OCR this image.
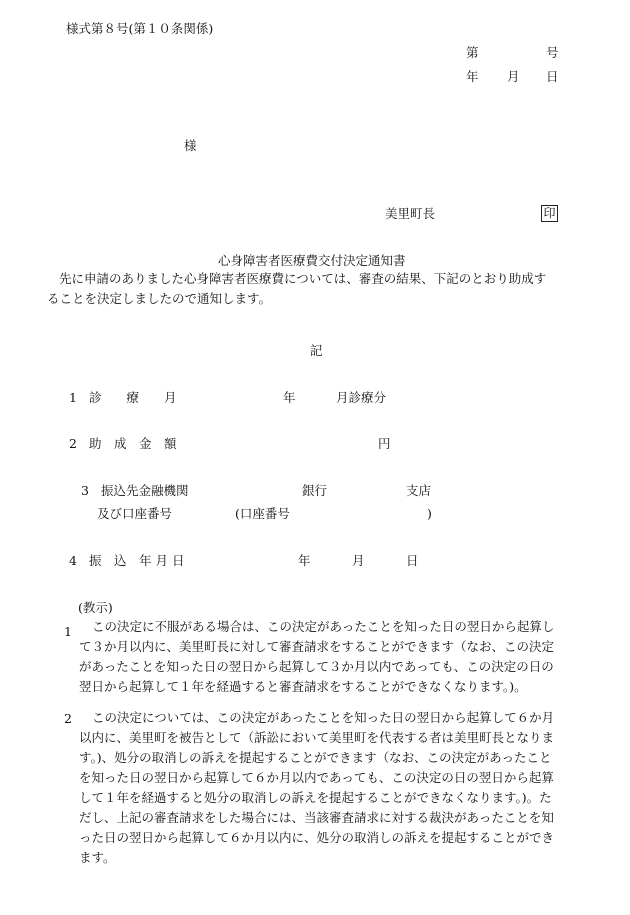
様式第８号(第１０条関係)
第	号
年 月 日
様
美里町長	印
心身障害者医療費交付決定通知書
先に申請のありました心身障害者医療費については、審査の結果、下記のとおり助成す
ることを決定しましたので通知します。
記
1 診　　療　　月	年	月診療分
2 助　成　金　額	円
3 振込先金融機関	銀行	支店
及び口座番号	(口座番号	)
4 振　込　年 月 日	年	月	日
(教示)
1 この決定に不服がある場合は、この決定があったことを知った日の翌日から起算し
て３か月以内に、美里町長に対して審査請求をすることができます（なお、この決定
があったことを知った日の翌日から起算して３か月以内であっても、この決定の日の
翌日から起算して１年を経過すると審査請求をすることができなくなります。)。
2 この決定については、この決定があったことを知った日の翌日から起算して６か月
以内に、美里町を被告として（訴訟において美里町を代表する者は美里町長となりま
す。)、処分の取消しの訴えを提起することができます（なお、この決定があったこと
を知った日の翌日から起算して６か月以内であっても、この決定の日の翌日から起算
して１年を経過すると処分の取消しの訴えを提起することができなくなります。)。た
だし、上記の審査請求をした場合には、当該審査請求に対する裁決があったことを知
った日の翌日から起算して６か月以内に、処分の取消しの訴えを提起することができ
ます。
